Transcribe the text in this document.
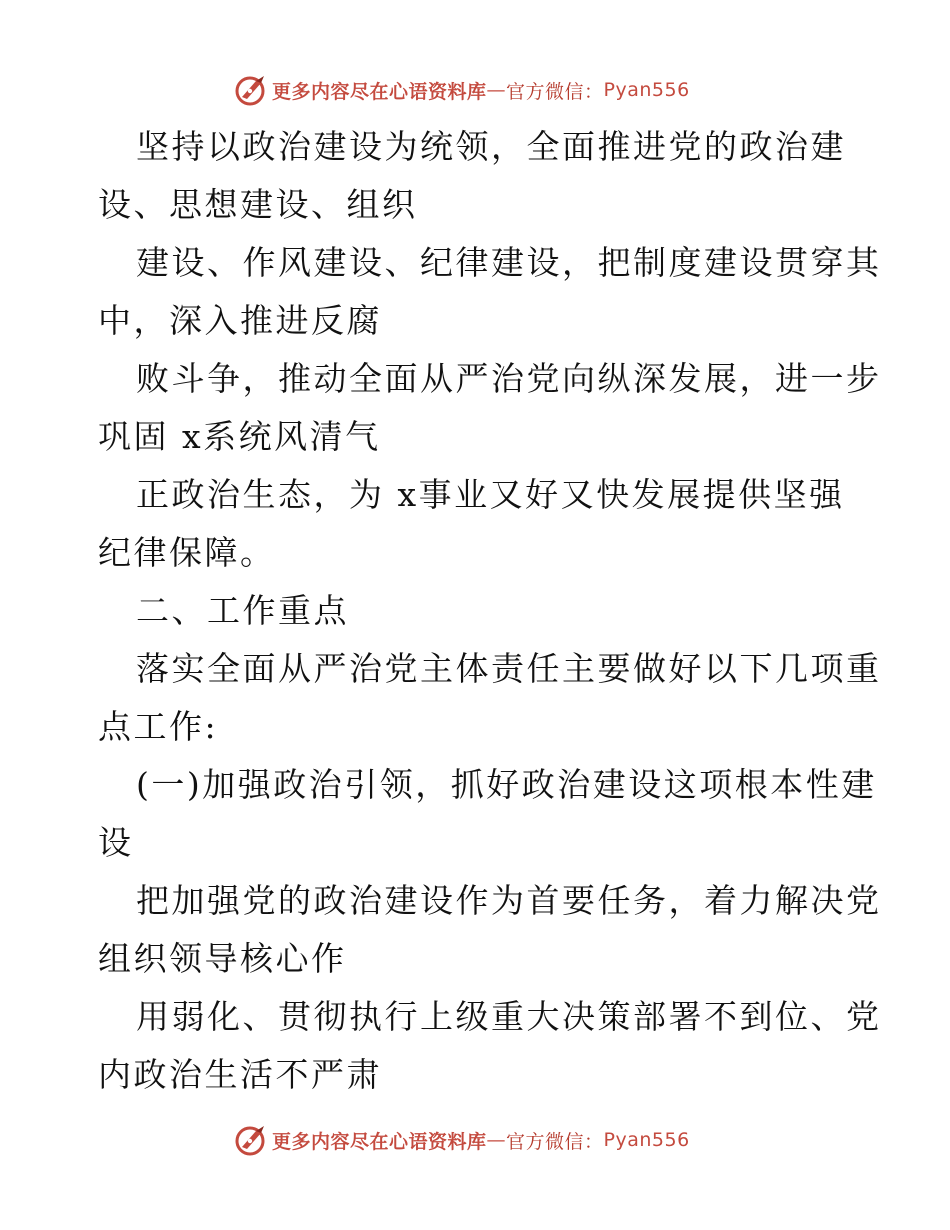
更多内容尽在心语资料库 — 官方微信： Pyan556
坚持以政治建设为统领，全面推进党的政治建
设、思想建设、组织
建设、作风建设、纪律建设，把制度建设贯穿其
中，深入推进反腐
败斗争，推动全面从严治党向纵深发展，进一步
巩固 x系统风清气
正政治生态，为 x事业又好又快发展提供坚强
纪律保障。
二、工作重点
落实全面从严治党主体责任主要做好以下几项重
点工作:
(一)加强政治引领，抓好政治建设这项根本性建
设
把加强党的政治建设作为首要任务，着力解决党
组织领导核心作
用弱化、贯彻执行上级重大决策部署不到位、党
内政治生活不严肃
更多内容尽在心语资料库 — 官方微信： Pyan556
